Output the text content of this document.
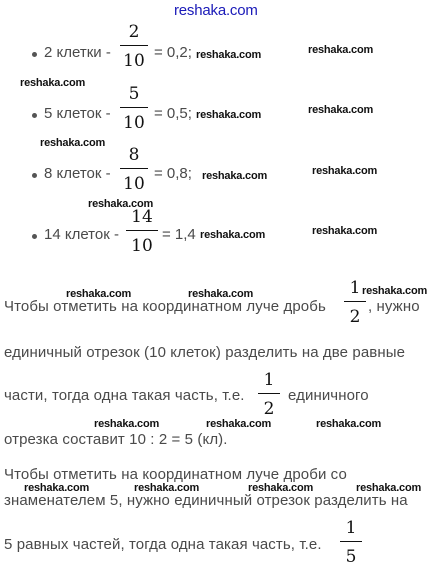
reshaka.com
2 клетки -
2
10 = 0,2; reshaka.com	reshaka.com
reshaka.com
5 клеток -
5
10 = 0,5; reshaka.com	reshaka.com
reshaka.com
8 клеток -
8
10
= 0,8; reshaka.com	reshaka.com
reshaka.com
14 клеток -
14
10
= 1,4 reshaka.com	reshaka.com
reshaka.com	reshaka.com
Чтобы отметить на координатном луче дробь
1
2
reshaka.com
, нужно
единичный отрезок (10 клеток) разделить на две равные
части, тогда одна такая часть, т.е.
1
2
единичного
reshaka.com	reshaka.com	reshaka.com
отрезка составит 10 : 2 = 5 (кл).
Чтобы отметить на координатном луче дроби со
reshaka.com	reshaka.com	reshaka.com	reshaka.com
знаменателем 5, нужно единичный отрезок разделить на
5 равных частей, тогда одна такая часть, т.е.
1
5
